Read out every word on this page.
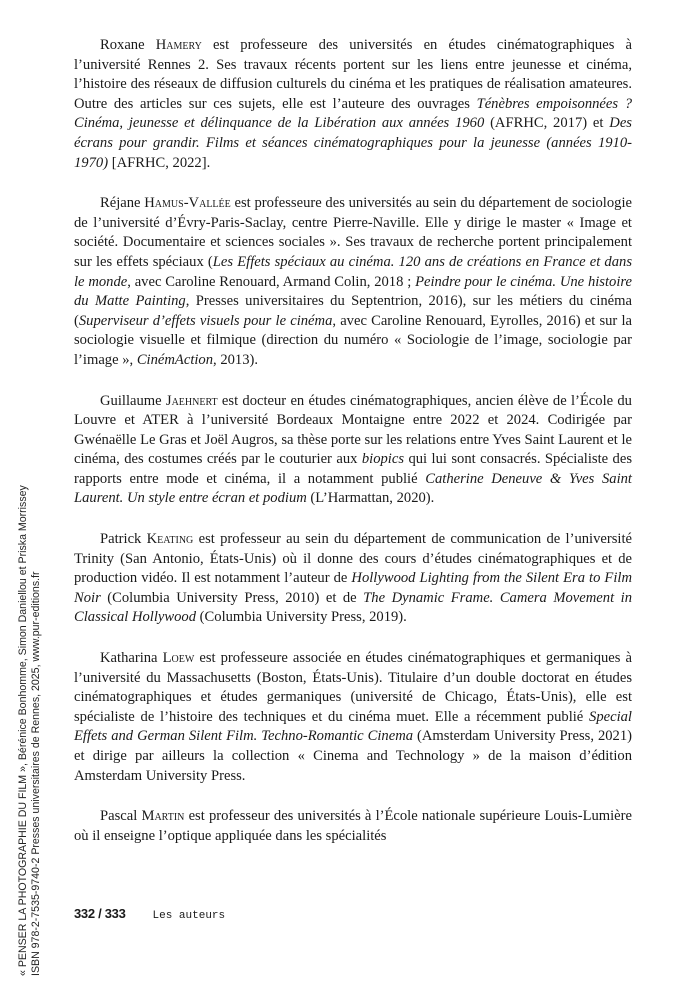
« PENSER LA PHOTOGRAPHIE DU FILM », Bérénice Bonhomme, Simon Daniellou et Priska Morrissey ISBN 978-2-7535-9740-2 Presses universitaires de Rennes, 2025, www.pur-editions.fr

Roxane Hamery est professeure des universités en études cinématographiques à l’université Rennes 2. Ses travaux récents portent sur les liens entre jeunesse et cinéma, l’histoire des réseaux de diffusion culturels du cinéma et les pratiques de réalisation amateures. Outre des articles sur ces sujets, elle est l’auteure des ouvrages Ténèbres empoisonnées ? Cinéma, jeunesse et délinquance de la Libération aux années 1960 (AFRHC, 2017) et Des écrans pour grandir. Films et séances cinématographiques pour la jeunesse (années 1910-1970) [AFRHC, 2022].

Réjane Hamus-Vallée est professeure des universités au sein du département de sociologie de l’université d’Évry-Paris-Saclay, centre Pierre-Naville. Elle y dirige le master « Image et société. Documentaire et sciences sociales ». Ses travaux de recherche portent principalement sur les effets spéciaux (Les Effets spéciaux au cinéma. 120 ans de créations en France et dans le monde, avec Caroline Renouard, Armand Colin, 2018 ; Peindre pour le cinéma. Une histoire du Matte Painting, Presses universitaires du Septentrion, 2016), sur les métiers du cinéma (Superviseur d’effets visuels pour le cinéma, avec Caroline Renouard, Eyrolles, 2016) et sur la sociologie visuelle et filmique (direction du numéro « Sociologie de l’image, sociologie par l’image », CinémAction, 2013).

Guillaume Jaehnert est docteur en études cinématographiques, ancien élève de l’École du Louvre et ATER à l’université Bordeaux Montaigne entre 2022 et 2024. Codirigée par Gwénaëlle Le Gras et Joël Augros, sa thèse porte sur les relations entre Yves Saint Laurent et le cinéma, des costumes créés par le couturier aux biopics qui lui sont consacrés. Spécialiste des rapports entre mode et cinéma, il a notamment publié Catherine Deneuve & Yves Saint Laurent. Un style entre écran et podium (L’Harmattan, 2020).

Patrick Keating est professeur au sein du département de communication de l’université Trinity (San Antonio, États-Unis) où il donne des cours d’études cinématographiques et de production vidéo. Il est notamment l’auteur de Hollywood Lighting from the Silent Era to Film Noir (Columbia University Press, 2010) et de The Dynamic Frame. Camera Movement in Classical Hollywood (Columbia University Press, 2019).

Katharina Loew est professeure associée en études cinématographiques et germaniques à l’université du Massachusetts (Boston, États-Unis). Titulaire d’un double doctorat en études cinématographiques et études germaniques (université de Chicago, États-Unis), elle est spécialiste de l’histoire des techniques et du cinéma muet. Elle a récemment publié Special Effets and German Silent Film. Techno-Romantic Cinema (Amsterdam University Press, 2021) et dirige par ailleurs la collection « Cinema and Technology » de la maison d’édition Amsterdam University Press.

Pascal Martin est professeur des universités à l’École nationale supérieure Louis-Lumière où il enseigne l’optique appliquée dans les spécialités

332 / 333 Les auteurs
